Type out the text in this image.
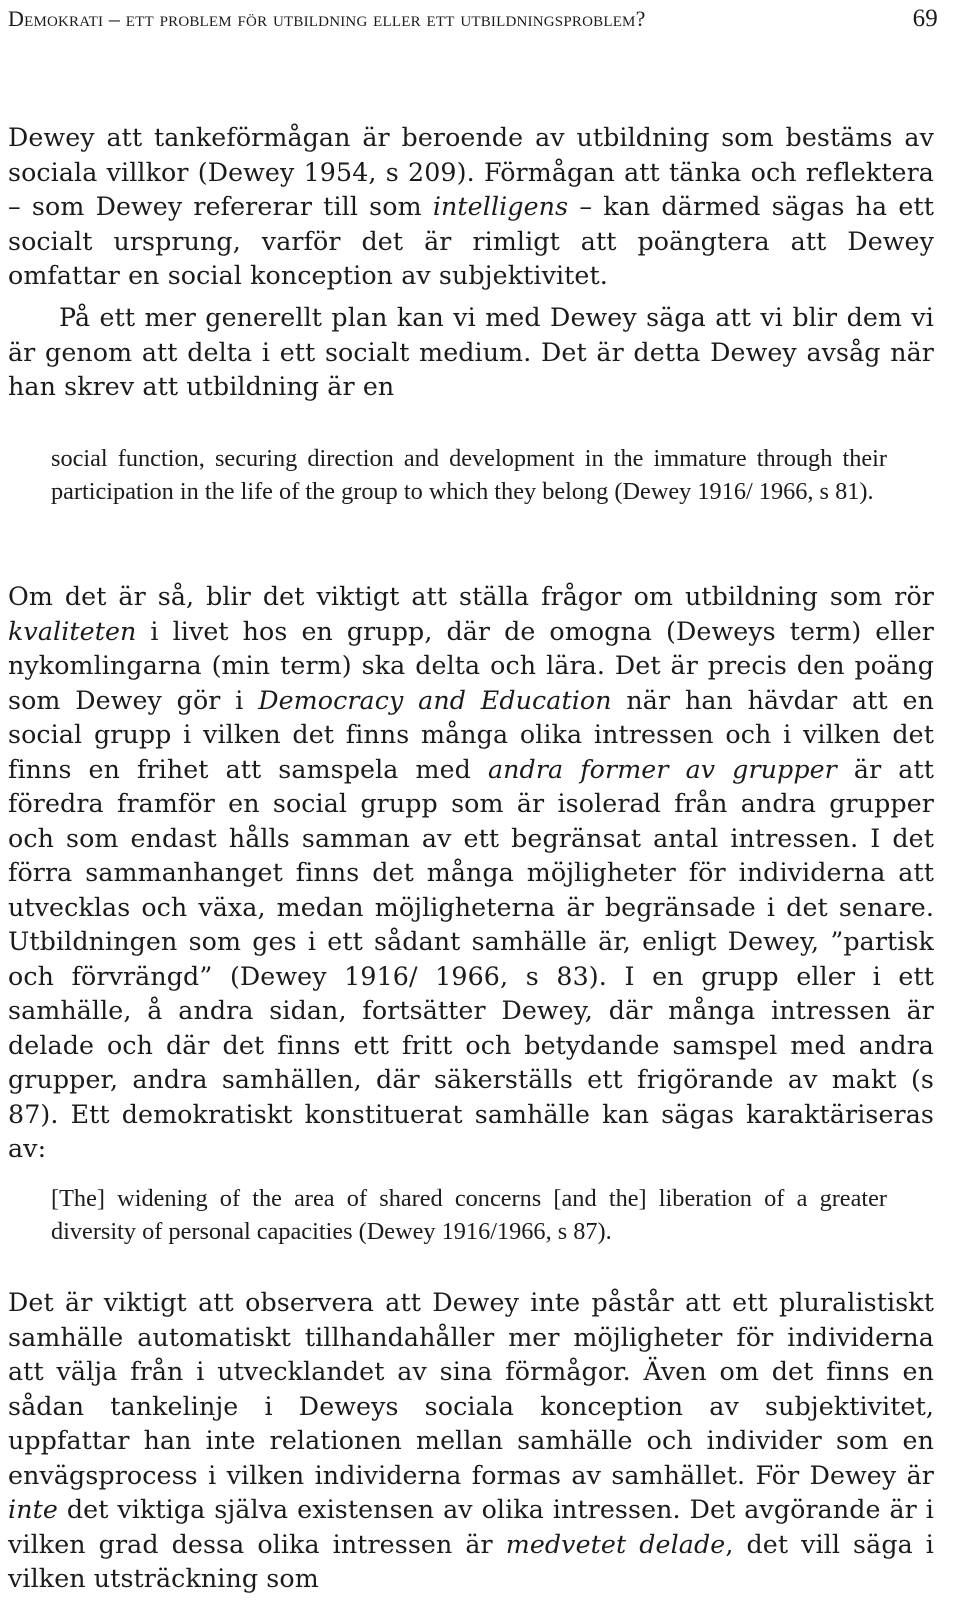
Demokrati – ett problem för utbildning eller ett utbildningsproblem?	69

Dewey att tankeförmågan är beroende av utbildning som bestäms av sociala villkor (Dewey 1954, s 209). Förmågan att tänka och reflektera – som Dewey refererar till som intelligens – kan därmed sägas ha ett socialt ursprung, varför det är rimligt att poängtera att Dewey omfattar en social konception av subjektivitet.

På ett mer generellt plan kan vi med Dewey säga att vi blir dem vi är genom att delta i ett socialt medium. Det är detta Dewey avsåg när han skrev att utbildning är en

social function, securing direction and development in the immature through their participation in the life of the group to which they belong (Dewey 1916/ 1966, s 81).

Om det är så, blir det viktigt att ställa frågor om utbildning som rör kvaliteten i livet hos en grupp, där de omogna (Deweys term) eller nykomlingarna (min term) ska delta och lära. Det är precis den poäng som Dewey gör i Democracy and Education när han hävdar att en social grupp i vilken det finns många olika intressen och i vilken det finns en frihet att samspela med andra former av grupper är att föredra framför en social grupp som är isolerad från andra grupper och som endast hålls samman av ett begränsat antal intressen. I det förra sammanhanget finns det många möjligheter för individerna att utvecklas och växa, medan möjligheterna är begränsade i det senare. Utbildningen som ges i ett sådant samhälle är, enligt Dewey, ”partisk och förvrängd” (Dewey 1916/ 1966, s 83). I en grupp eller i ett samhälle, å andra sidan, fortsätter Dewey, där många intressen är delade och där det finns ett fritt och betydande samspel med andra grupper, andra samhällen, där säkerställs ett frigörande av makt (s 87). Ett demokratiskt konstituerat samhälle kan sägas karaktäriseras av:

[The] widening of the area of shared concerns [and the] liberation of a greater diversity of personal capacities (Dewey 1916/1966, s 87).

Det är viktigt att observera att Dewey inte påstår att ett pluralistiskt samhälle automatiskt tillhandahåller mer möjligheter för individerna att välja från i utvecklandet av sina förmågor. Även om det finns en sådan tankelinje i Deweys sociala konception av subjektivitet, uppfattar han inte relationen mellan samhälle och individer som en envägsprocess i vilken individerna formas av samhället. För Dewey är inte det viktiga själva existensen av olika intressen. Det avgörande är i vilken grad dessa olika intressen är medvetet delade, det vill säga i vilken utsträckning som
